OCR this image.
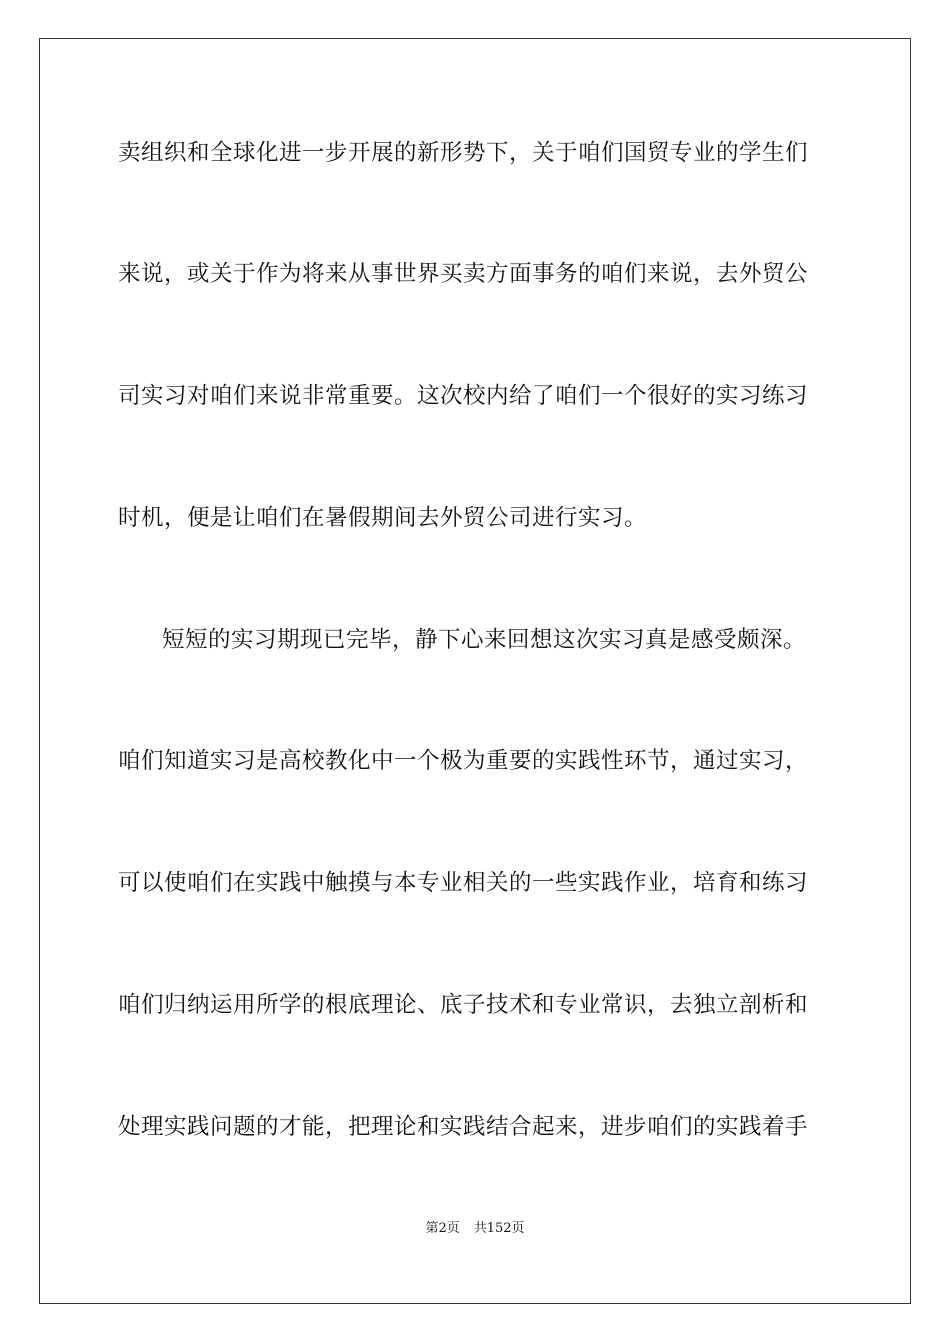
卖组织和全球化进一步开展的新形势下，关于咱们国贸专业的学生们
来说，或关于作为将来从事世界买卖方面事务的咱们来说，去外贸公
司实习对咱们来说非常重要。这次校内给了咱们一个很好的实习练习
时机，便是让咱们在暑假期间去外贸公司进行实习。
短短的实习期现已完毕，静下心来回想这次实习真是感受颇深。
咱们知道实习是高校教化中一个极为重要的实践性环节，通过实习，
可以使咱们在实践中触摸与本专业相关的一些实践作业，培育和练习
咱们归纳运用所学的根底理论、底子技术和专业常识，去独立剖析和
处理实践问题的才能，把理论和实践结合起来，进步咱们的实践着手
第2页 共152页
